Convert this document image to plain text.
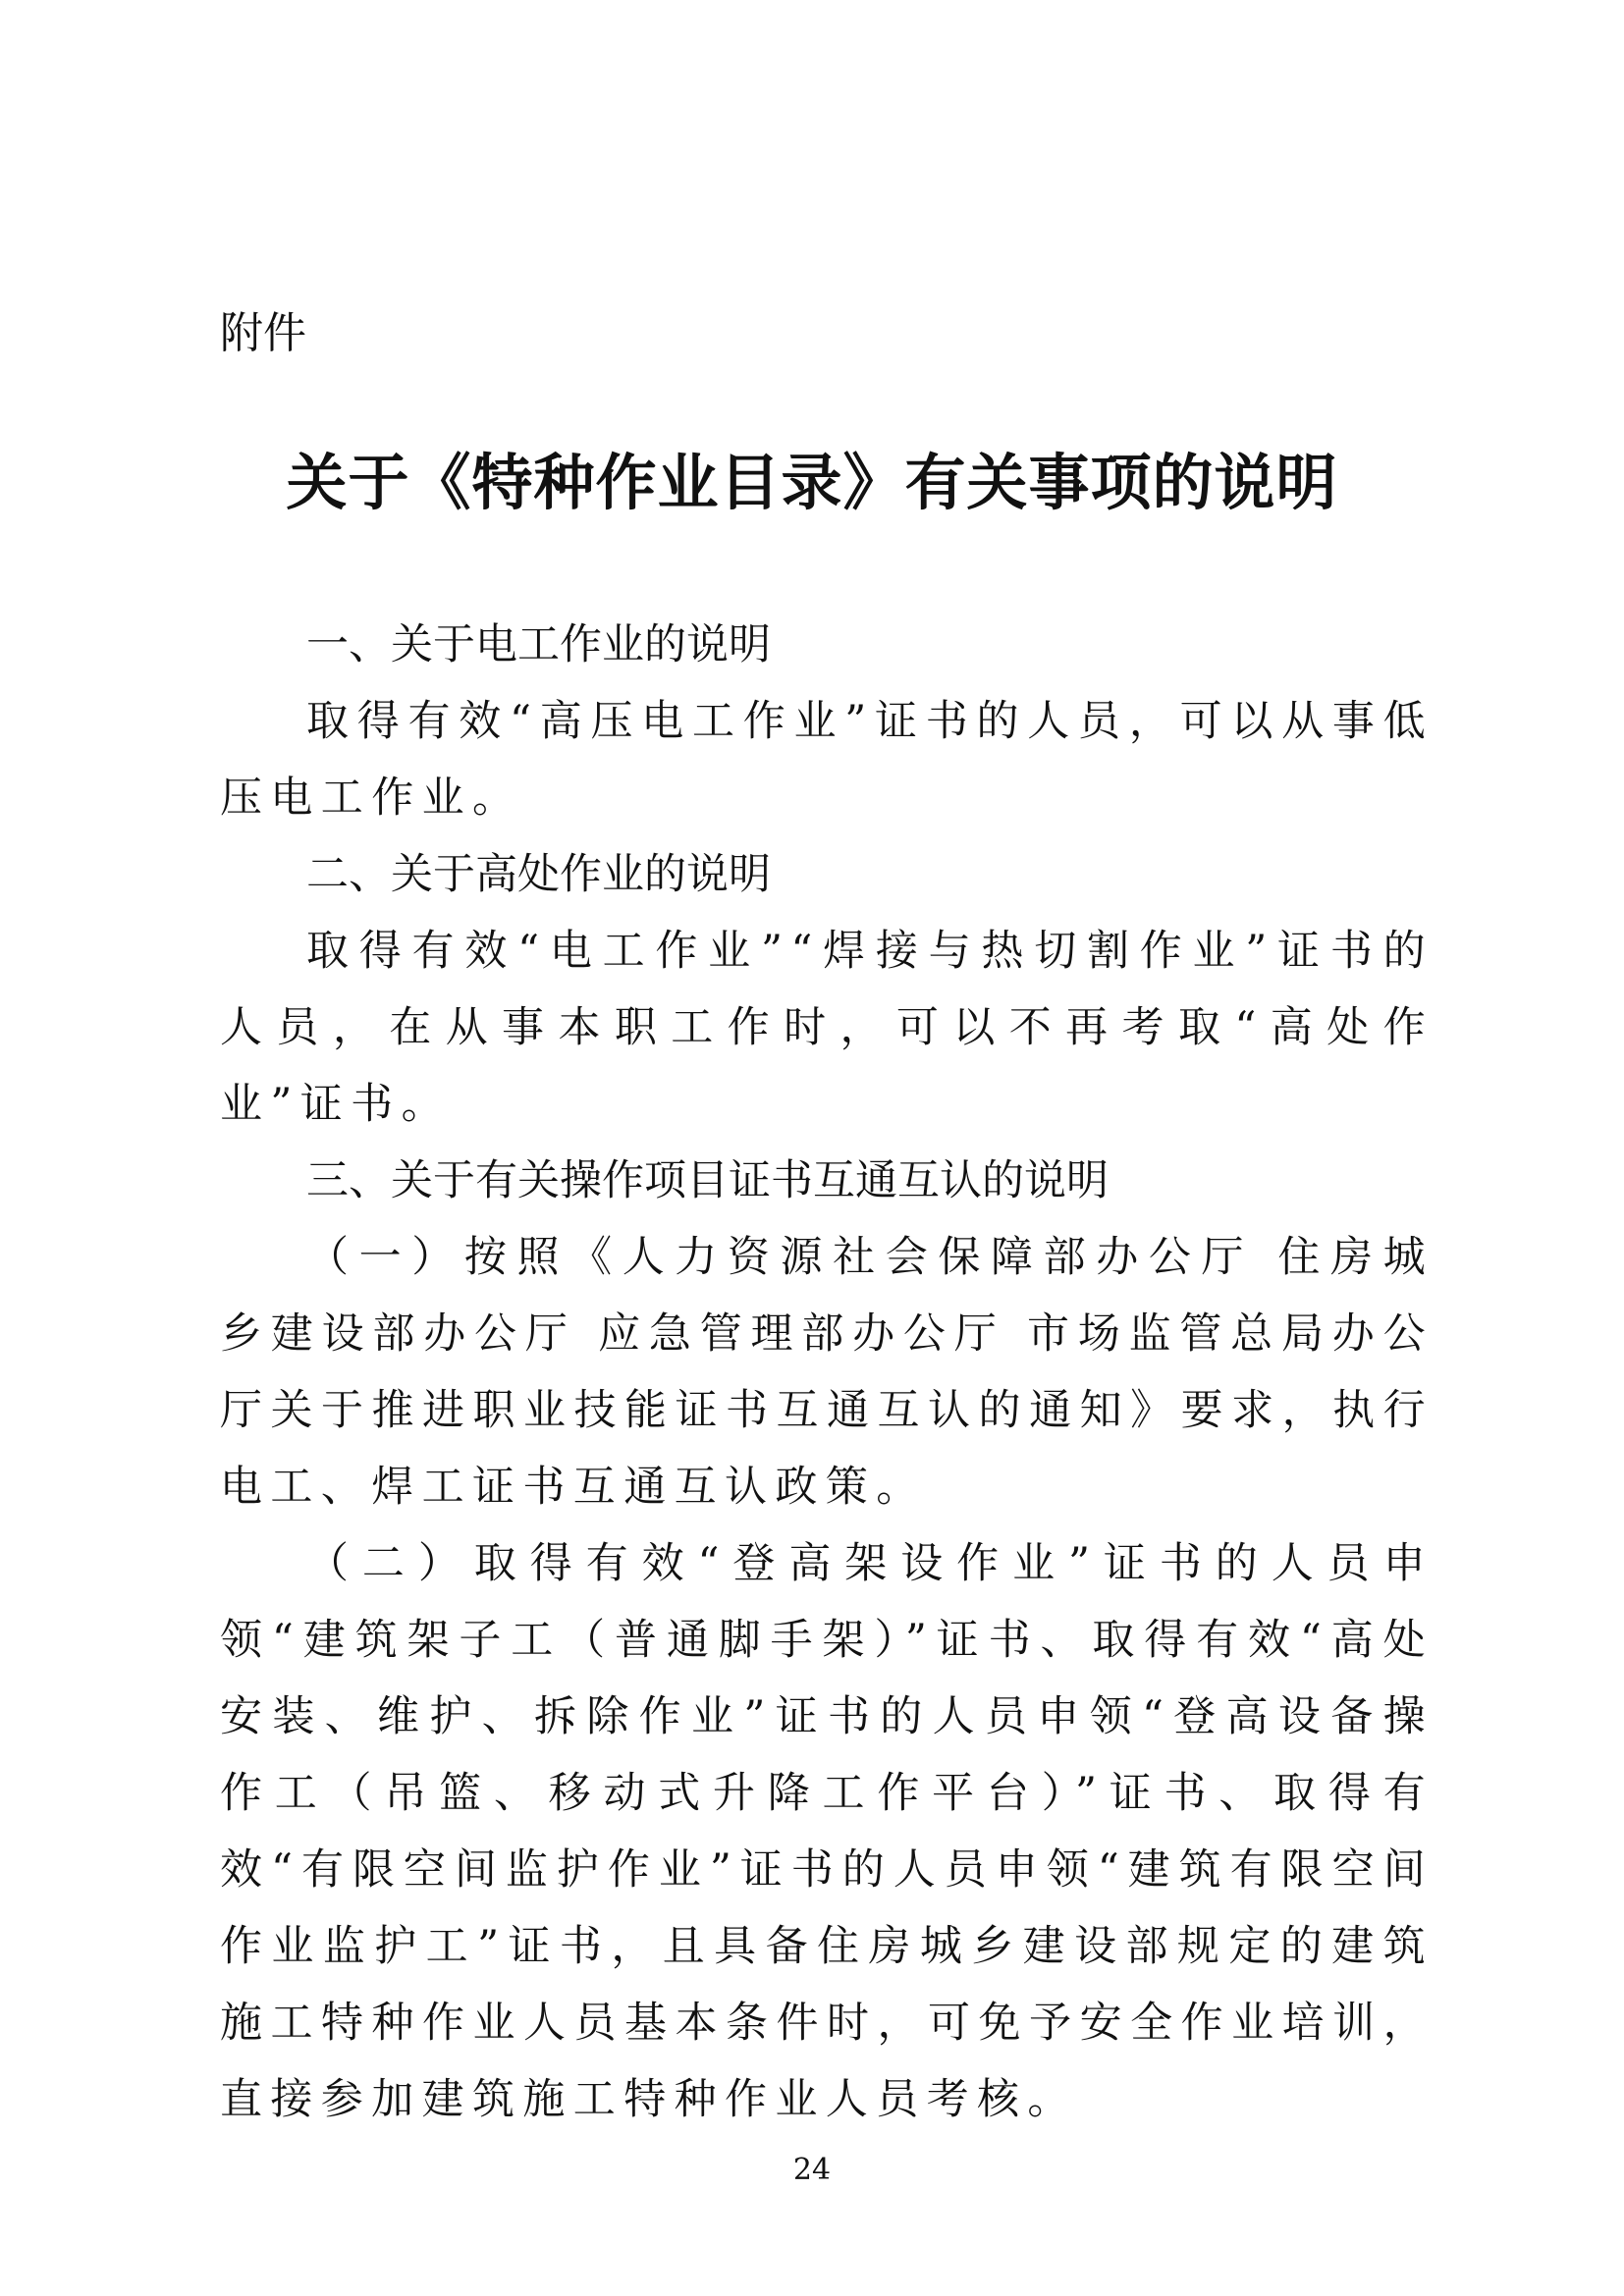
附件
关于《特种作业目录》有关事项的说明
一、关于电工作业的说明

取得有效“高压电工作业”证书的人员，可以从事低压电工作业。

二、关于高处作业的说明

取得有效“电工作业”“焊接与热切割作业”证书的人员，在从事本职工作时，可以不再考取“高处作业”证书。

三、关于有关操作项目证书互通互认的说明

（一）按照《人力资源社会保障部办公厅 住房城乡建设部办公厅 应急管理部办公厅 市场监管总局办公厅关于推进职业技能证书互通互认的通知》要求，执行电工、焊工证书互通互认政策。

（二）取得有效“登高架设作业”证书的人员申领“建筑架子工（普通脚手架）”证书、取得有效“高处安装、维护、拆除作业”证书的人员申领“登高设备操作工（吊篮、移动式升降工作平台）”证书、取得有效“有限空间监护作业”证书的人员申领“建筑有限空间作业监护工”证书，且具备住房城乡建设部规定的建筑施工特种作业人员基本条件时，可免予安全作业培训，直接参加建筑施工特种作业人员考核。

24
